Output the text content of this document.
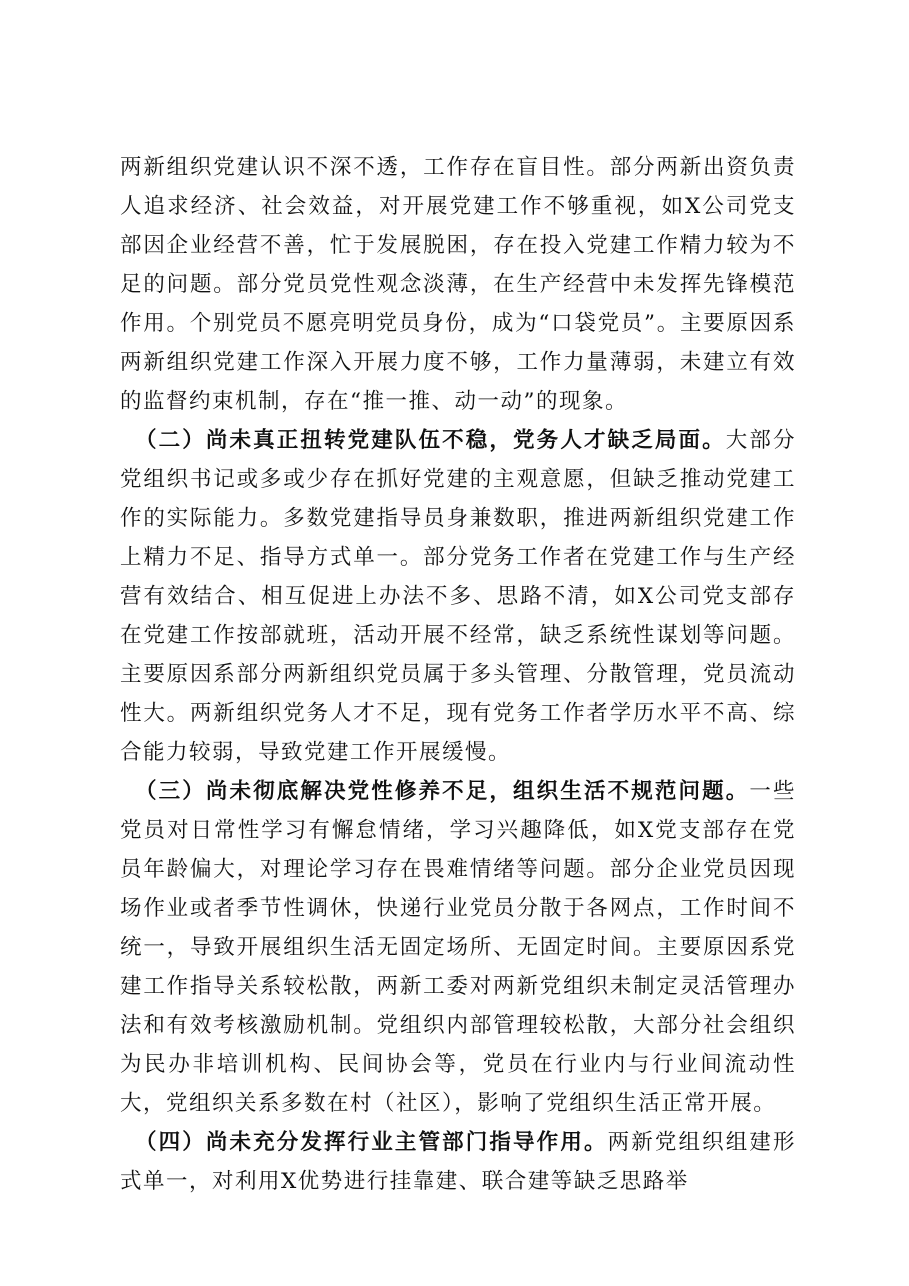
两新组织党建认识不深不透，工作存在盲目性。部分两新出资负责人追求经济、社会效益，对开展党建工作不够重视，如X公司党支部因企业经营不善，忙于发展脱困，存在投入党建工作精力较为不足的问题。部分党员党性观念淡薄，在生产经营中未发挥先锋模范作用。个别党员不愿亮明党员身份，成为“口袋党员”。主要原因系两新组织党建工作深入开展力度不够，工作力量薄弱，未建立有效的监督约束机制，存在“推一推、动一动”的现象。

（二）尚未真正扭转党建队伍不稳，党务人才缺乏局面。大部分党组织书记或多或少存在抓好党建的主观意愿，但缺乏推动党建工作的实际能力。多数党建指导员身兼数职，推进两新组织党建工作上精力不足、指导方式单一。部分党务工作者在党建工作与生产经营有效结合、相互促进上办法不多、思路不清，如X公司党支部存在党建工作按部就班，活动开展不经常，缺乏系统性谋划等问题。主要原因系部分两新组织党员属于多头管理、分散管理，党员流动性大。两新组织党务人才不足，现有党务工作者学历水平不高、综合能力较弱，导致党建工作开展缓慢。

（三）尚未彻底解决党性修养不足，组织生活不规范问题。一些党员对日常性学习有懈怠情绪，学习兴趣降低，如X党支部存在党员年龄偏大，对理论学习存在畏难情绪等问题。部分企业党员因现场作业或者季节性调休，快递行业党员分散于各网点，工作时间不统一，导致开展组织生活无固定场所、无固定时间。主要原因系党建工作指导关系较松散，两新工委对两新党组织未制定灵活管理办法和有效考核激励机制。党组织内部管理较松散，大部分社会组织为民办非培训机构、民间协会等，党员在行业内与行业间流动性大，党组织关系多数在村（社区），影响了党组织生活正常开展。

（四）尚未充分发挥行业主管部门指导作用。两新党组织组建形式单一，对利用X优势进行挂靠建、联合建等缺乏思路举
